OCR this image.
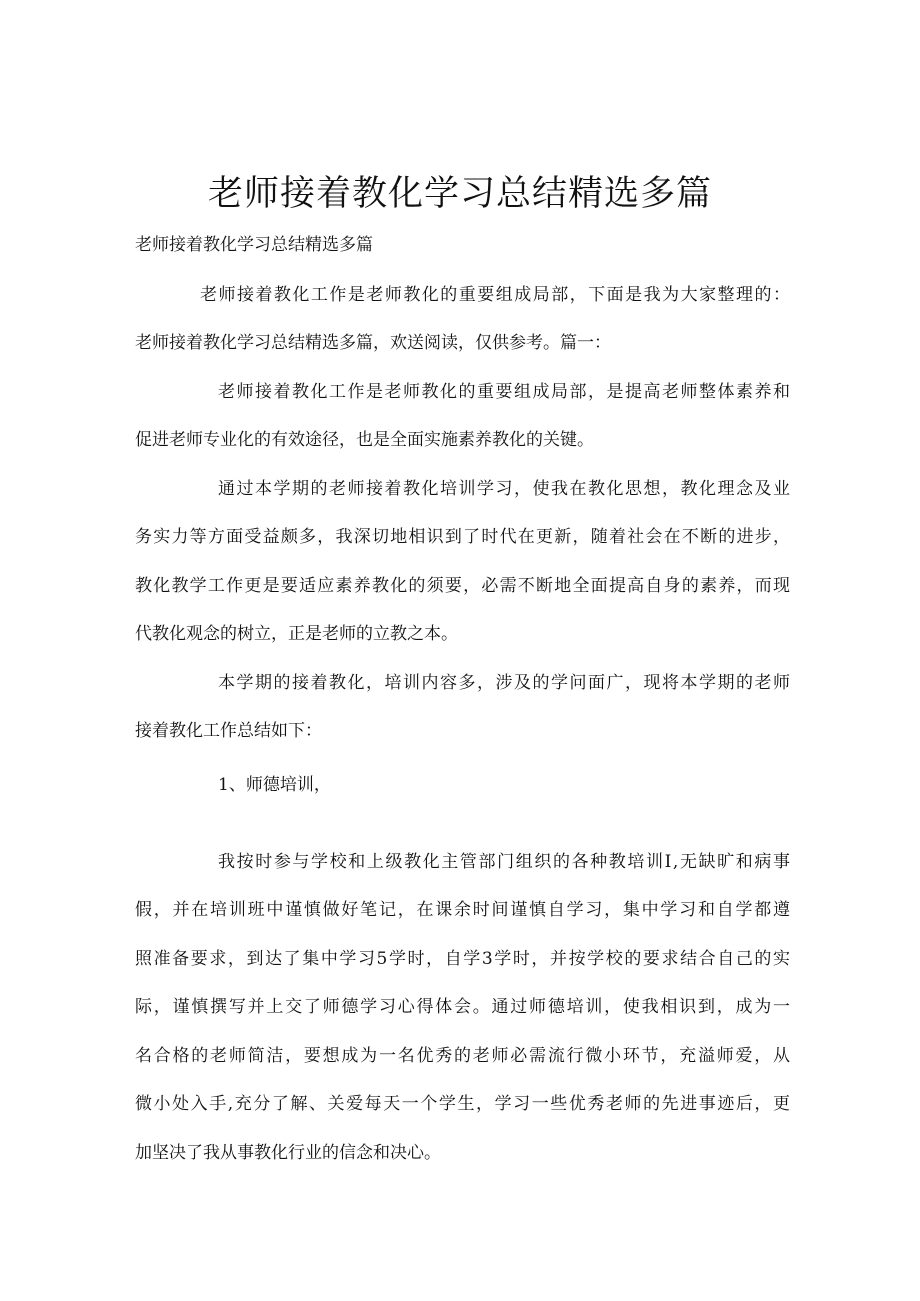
老师接着教化学习总结精选多篇
老师接着教化学习总结精选多篇
老师接着教化工作是老师教化的重要组成局部，下面是我为大家整理的：
老师接着教化学习总结精选多篇，欢送阅读，仅供参考。篇一：
老师接着教化工作是老师教化的重要组成局部，是提高老师整体素养和
促进老师专业化的有效途径，也是全面实施素养教化的关键。
通过本学期的老师接着教化培训学习，使我在教化思想，教化理念及业
务实力等方面受益颇多，我深切地相识到了时代在更新，随着社会在不断的进步，
教化教学工作更是要适应素养教化的须要，必需不断地全面提高自身的素养，而现
代教化观念的树立，正是老师的立教之本。
本学期的接着教化，培训内容多，涉及的学问面广，现将本学期的老师
接着教化工作总结如下：
1、师德培训，
我按时参与学校和上级教化主管部门组织的各种教培训Ⅰ,无缺旷和病事
假，并在培训班中谨慎做好笔记，在课余时间谨慎自学习，集中学习和自学都遵
照准备要求，到达了集中学习5学时，自学3学时，并按学校的要求结合自己的实
际，谨慎撰写并上交了师德学习心得体会。通过师德培训，使我相识到，成为一
名合格的老师简洁，要想成为一名优秀的老师必需流行微小环节，充溢师爱，从
微小处入手,充分了解、关爱每天一个学生，学习一些优秀老师的先进事迹后，更
加坚决了我从事教化行业的信念和决心。
